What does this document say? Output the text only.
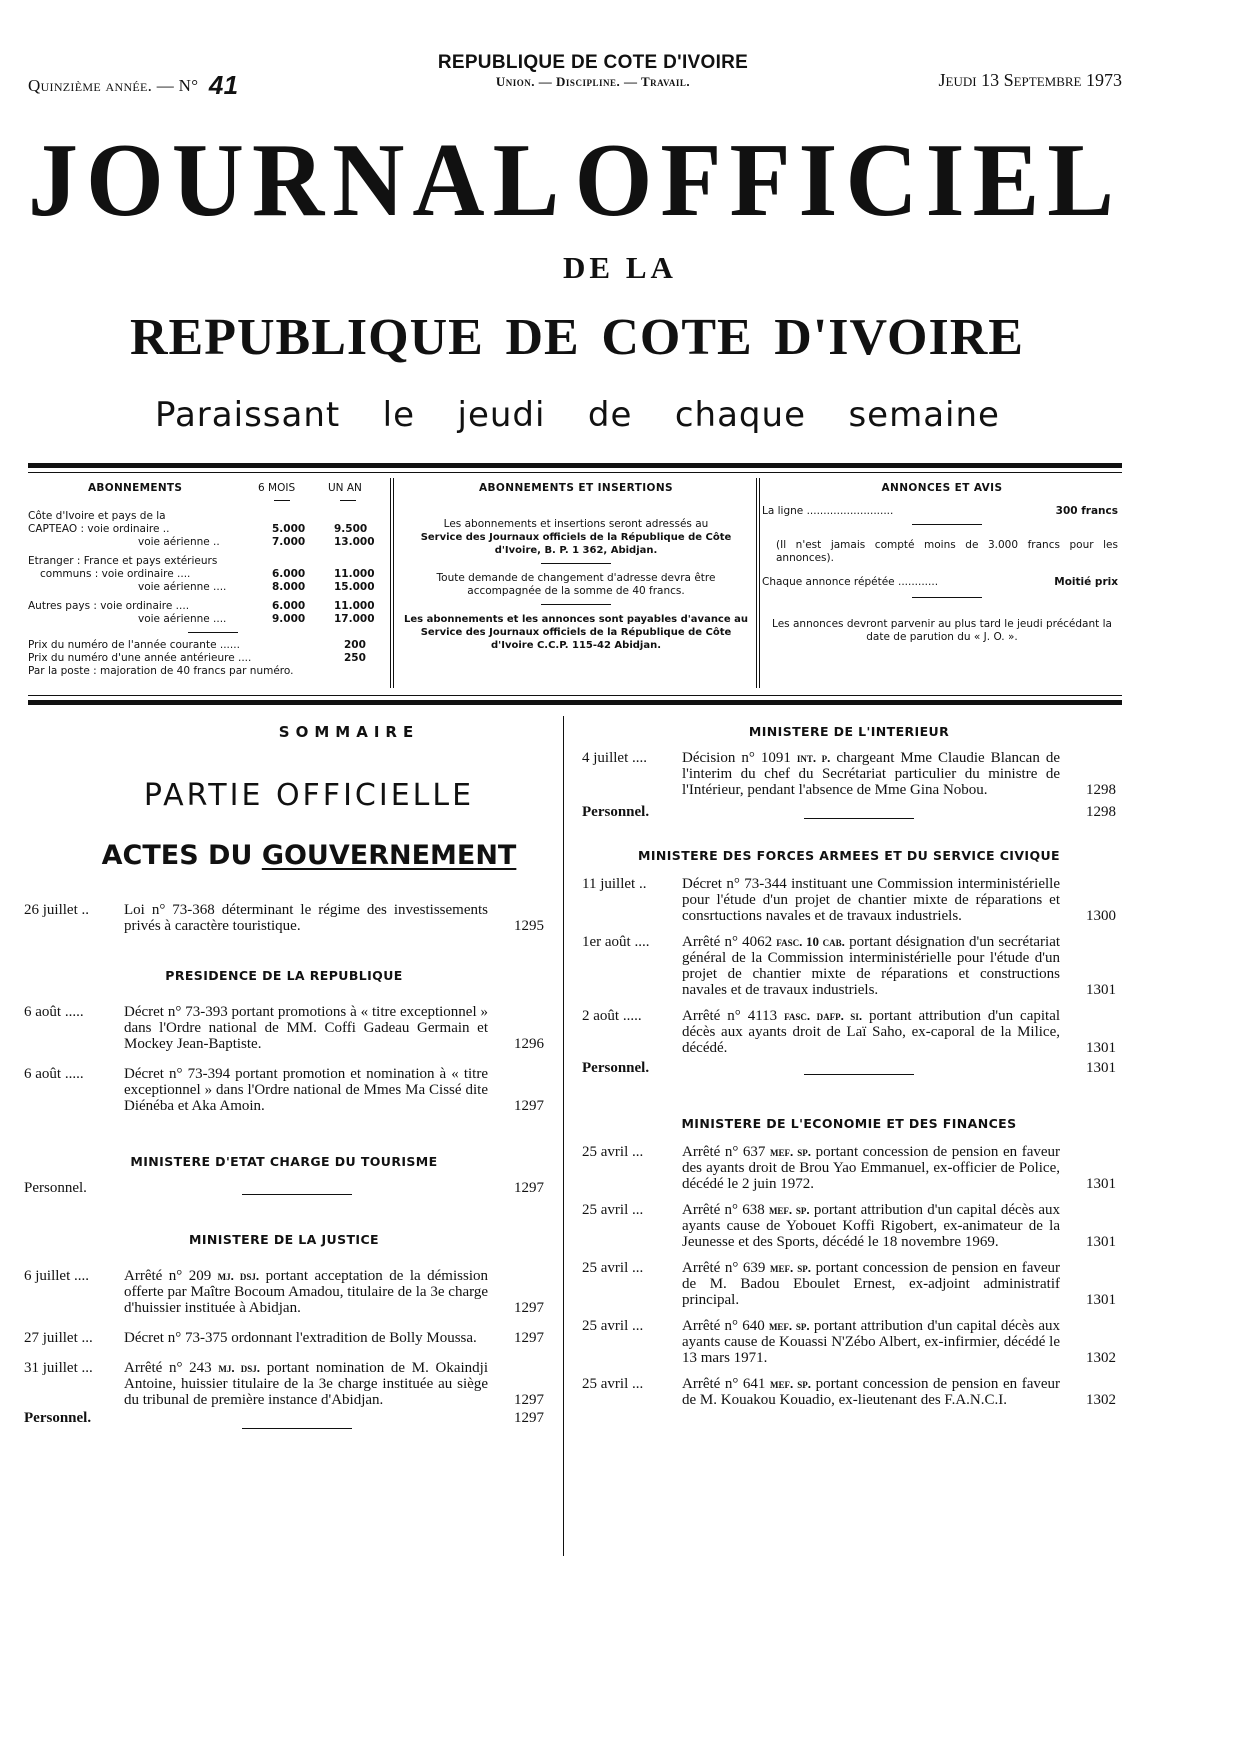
Quinzième année. — N° 41
REPUBLIQUE DE COTE D'IVOIRE
Union. — Discipline. — Travail.	Jeudi 13 Septembre 1973
JOURNAL OFFICIEL
DE LA
REPUBLIQUE DE COTE D'IVOIRE
Paraissant le jeudi de chaque semaine
ABONNEMENTS	6 MOIS	UN AN
Côte d'Ivoire et pays de la
CAPTEAO : voie ordinaire ..	5.000	9.500
voie aérienne ..	7.000	13.000
Etranger : France et pays extérieurs
communs : voie ordinaire ....	6.000	11.000
voie aérienne ....	8.000	15.000
Autres pays : voie ordinaire ....	6.000	11.000
voie aérienne ....	9.000	17.000
Prix du numéro de l'année courante ......	200
Prix du numéro d'une année antérieure ....	250
Par la poste : majoration de 40 francs par numéro.
ABONNEMENTS ET INSERTIONS
Les abonnements et insertions seront adressés au
Service des Journaux officiels de la République de Côte d'Ivoire, B. P. 1 362, Abidjan.
Toute demande de changement d'adresse devra être accompagnée de la somme de 40 francs.
Les abonnements et les annonces sont payables d'avance au Service des Journaux officiels de la République de Côte d'Ivoire C.C.P. 115-42 Abidjan.
ANNONCES ET AVIS
La ligne ..........................	300 francs
(Il n'est jamais compté moins de 3.000 francs pour les annonces).
Chaque annonce répétée ............	Moitié prix
Les annonces devront parvenir au plus tard le jeudi précédant la date de parution du « J. O. ».
SOMMAIRE
PARTIE OFFICIELLE
ACTES DU GOUVERNEMENT
26 juillet ..	Loi n° 73-368 déterminant le régime des investissements privés à caractère touristique.	1295
PRESIDENCE DE LA REPUBLIQUE
6 août .....	Décret n° 73-393 portant promotions à « titre exceptionnel » dans l'Ordre national de MM. Coffi Gadeau Germain et Mockey Jean-Baptiste.	1296
6 août .....	Décret n° 73-394 portant promotion et nomination à « titre exceptionnel » dans l'Ordre national de Mmes Ma Cissé dite Diénéba et Aka Amoin.	1297
MINISTERE D'ETAT CHARGE DU TOURISME
Personnel.	1297
MINISTERE DE LA JUSTICE
6 juillet ....	Arrêté n° 209 mj. dsj. portant acceptation de la démission offerte par Maître Bocoum Amadou, titulaire de la 3e charge d'huissier instituée à Abidjan.	1297
27 juillet ...	Décret n° 73-375 ordonnant l'extradition de Bolly Moussa.	1297
31 juillet ...	Arrêté n° 243 mj. dsj. portant nomination de M. Okaindji Antoine, huissier titulaire de la 3e charge instituée au siège du tribunal de première instance d'Abidjan.	1297
Personnel.	1297
MINISTERE DE L'INTERIEUR
4 juillet ....	Décision n° 1091 int. p. chargeant Mme Claudie Blancan de l'interim du chef du Secrétariat particulier du ministre de l'Intérieur, pendant l'absence de Mme Gina Nobou.	1298
Personnel.	1298
MINISTERE DES FORCES ARMEES ET DU SERVICE CIVIQUE
11 juillet ..	Décret n° 73-344 instituant une Commission interministérielle pour l'étude d'un projet de chantier mixte de réparations et consrtuctions navales et de travaux industriels.	1300
1er août ....	Arrêté n° 4062 fasc. 10 cab. portant désignation d'un secrétariat général de la Commission interministérielle pour l'étude d'un projet de chantier mixte de réparations et constructions navales et de travaux industriels.	1301
2 août .....	Arrêté n° 4113 fasc. dafp. si. portant attribution d'un capital décès aux ayants droit de Laï Saho, ex-caporal de la Milice, décédé.	1301
Personnel.	1301
MINISTERE DE L'ECONOMIE ET DES FINANCES
25 avril ...	Arrêté n° 637 mef. sp. portant concession de pension en faveur des ayants droit de Brou Yao Emmanuel, ex-officier de Police, décédé le 2 juin 1972.	1301
25 avril ...	Arrêté n° 638 mef. sp. portant attribution d'un capital décès aux ayants cause de Yobouet Koffi Rigobert, ex-animateur de la Jeunesse et des Sports, décédé le 18 novembre 1969.	1301
25 avril ...	Arrêté n° 639 mef. sp. portant concession de pension en faveur de M. Badou Eboulet Ernest, ex-adjoint administratif principal.	1301
25 avril ...	Arrêté n° 640 mef. sp. portant attribution d'un capital décès aux ayants cause de Kouassi N'Zébo Albert, ex-infirmier, décédé le 13 mars 1971.	1302
25 avril ...	Arrêté n° 641 mef. sp. portant concession de pension en faveur de M. Kouakou Kouadio, ex-lieutenant des F.A.N.C.I.	1302
